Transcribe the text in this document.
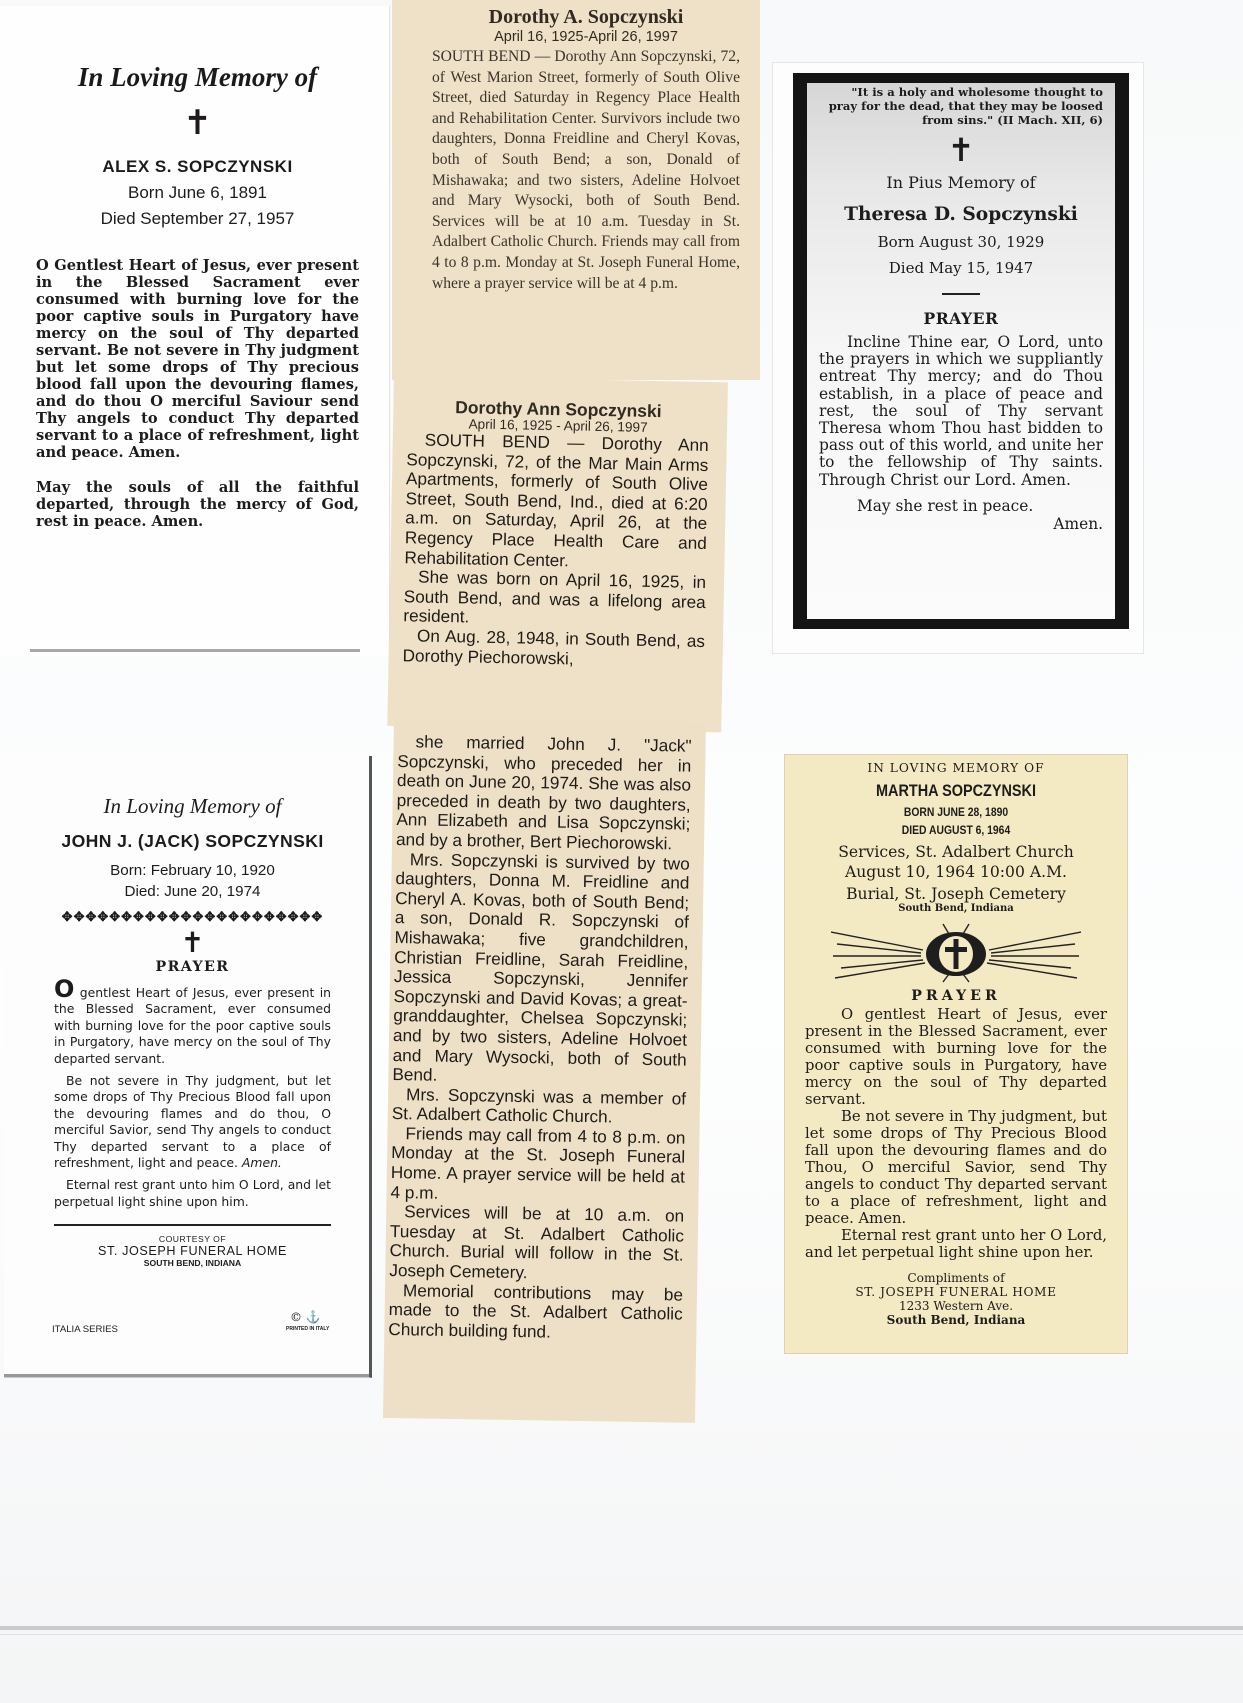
In Loving Memory of
✝
ALEX S. SOPCZYNSKI
Born June 6, 1891
Died September 27, 1957
O Gentlest Heart of Jesus, ever present in the Blessed Sacrament ever consumed with burning love for the poor captive souls in Purgatory have mercy on the soul of Thy departed servant. Be not severe in Thy judgment but let some drops of Thy precious blood fall upon the devouring flames, and do thou O merciful Saviour send Thy angels to conduct Thy departed servant to a place of refreshment, light and peace. Amen.
May the souls of all the faithful departed, through the mercy of God, rest in peace. Amen.
Dorothy A. Sopczynski
April 16, 1925-April 26, 1997
SOUTH BEND — Dorothy Ann Sopczynski, 72, of West Marion Street, formerly of South Olive Street, died Saturday in Regency Place Health and Rehabilitation Center. Survivors include two daughters, Donna Freidline and Cheryl Kovas, both of South Bend; a son, Donald of Mishawaka; and two sisters, Adeline Holvoet and Mary Wysocki, both of South Bend. Services will be at 10 a.m. Tuesday in St. Adalbert Catholic Church. Friends may call from 4 to 8 p.m. Monday at St. Joseph Funeral Home, where a prayer service will be at 4 p.m.
Dorothy Ann Sopczynski
April 16, 1925 - April 26, 1997

SOUTH BEND — Dorothy Ann Sopczynski, 72, of the Mar Main Arms Apartments, formerly of South Olive Street, South Bend, Ind., died at 6:20 a.m. on Saturday, April 26, at the Regency Place Health Care and Rehabilitation Center.

She was born on April 16, 1925, in South Bend, and was a lifelong area resident.

On Aug. 28, 1948, in South Bend, as Dorothy Piechorowski,

she married John J. "Jack" Sopczynski, who preceded her in death on June 20, 1974. She was also preceded in death by two daughters, Ann Elizabeth and Lisa Sopczynski; and by a brother, Bert Piechorowski.

Mrs. Sopczynski is survived by two daughters, Donna M. Freidline and Cheryl A. Kovas, both of South Bend; a son, Donald R. Sopczynski of Mishawaka; five grandchildren, Christian Freidline, Sarah Freidline, Jessica Sopczynski, Jennifer Sopczynski and David Kovas; a great-granddaughter, Chelsea Sopczynski; and by two sisters, Adeline Holvoet and Mary Wysocki, both of South Bend.

Mrs. Sopczynski was a member of St. Adalbert Catholic Church.

Friends may call from 4 to 8 p.m. on Monday at the St. Joseph Funeral Home. A prayer service will be held at 4 p.m.

Services will be at 10 a.m. on Tuesday at St. Adalbert Catholic Church. Burial will follow in the St. Joseph Cemetery.

Memorial contributions may be made to the St. Adalbert Catholic Church building fund.

"It is a holy and wholesome thought to pray for the dead, that they may be loosed from sins." (II Mach. XII, 6)
✝
In Pius Memory of
Theresa D. Sopczynski
Born August 30, 1929
Died May 15, 1947
PRAYER
Incline Thine ear, O Lord, unto the prayers in which we suppliantly entreat Thy mercy; and do Thou establish, in a place of peace and rest, the soul of Thy servant Theresa whom Thou hast bidden to pass out of this world, and unite her to the fellowship of Thy saints. Through Christ our Lord. Amen.
May she rest in peace.
Amen.
In Loving Memory of
JOHN J. (JACK) SOPCZYNSKI
Born: February 10, 1920
Died: June 20, 1974
✥✥✥✥✥✥✥✥✥✥✥✥✥✥✥✥✥✥✥✥✥✥
✝
PRAYER
O gentlest Heart of Jesus, ever present in the Blessed Sacrament, ever consumed with burning love for the poor captive souls in Purgatory, have mercy on the soul of Thy departed servant.
Be not severe in Thy judgment, but let some drops of Thy Precious Blood fall upon the devouring flames and do thou, O merciful Savior, send Thy angels to conduct Thy departed servant to a place of refreshment, light and peace. Amen.
Eternal rest grant unto him O Lord, and let perpetual light shine upon him.
COURTESY OF
ST. JOSEPH FUNERAL HOME
SOUTH BEND, INDIANA
ITALIA SERIES
© ⚓
PRINTED IN ITALY
IN LOVING MEMORY OF
MARTHA SOPCZYNSKI
BORN JUNE 28, 1890
DIED AUGUST 6, 1964
Services, St. Adalbert Church
August 10, 1964 10:00 A.M.
Burial, St. Joseph Cemetery
South Bend, Indiana
PRAYER
O gentlest Heart of Jesus, ever present in the Blessed Sacrament, ever consumed with burning love for the poor captive souls in Purgatory, have mercy on the soul of Thy departed servant.
Be not severe in Thy judgment, but let some drops of Thy Precious Blood fall upon the devouring flames and do Thou, O merciful Savior, send Thy angels to conduct Thy departed servant to a place of refreshment, light and peace. Amen.
Eternal rest grant unto her O Lord, and let perpetual light shine upon her.
Compliments of
ST. JOSEPH FUNERAL HOME
1233 Western Ave.
South Bend, Indiana
